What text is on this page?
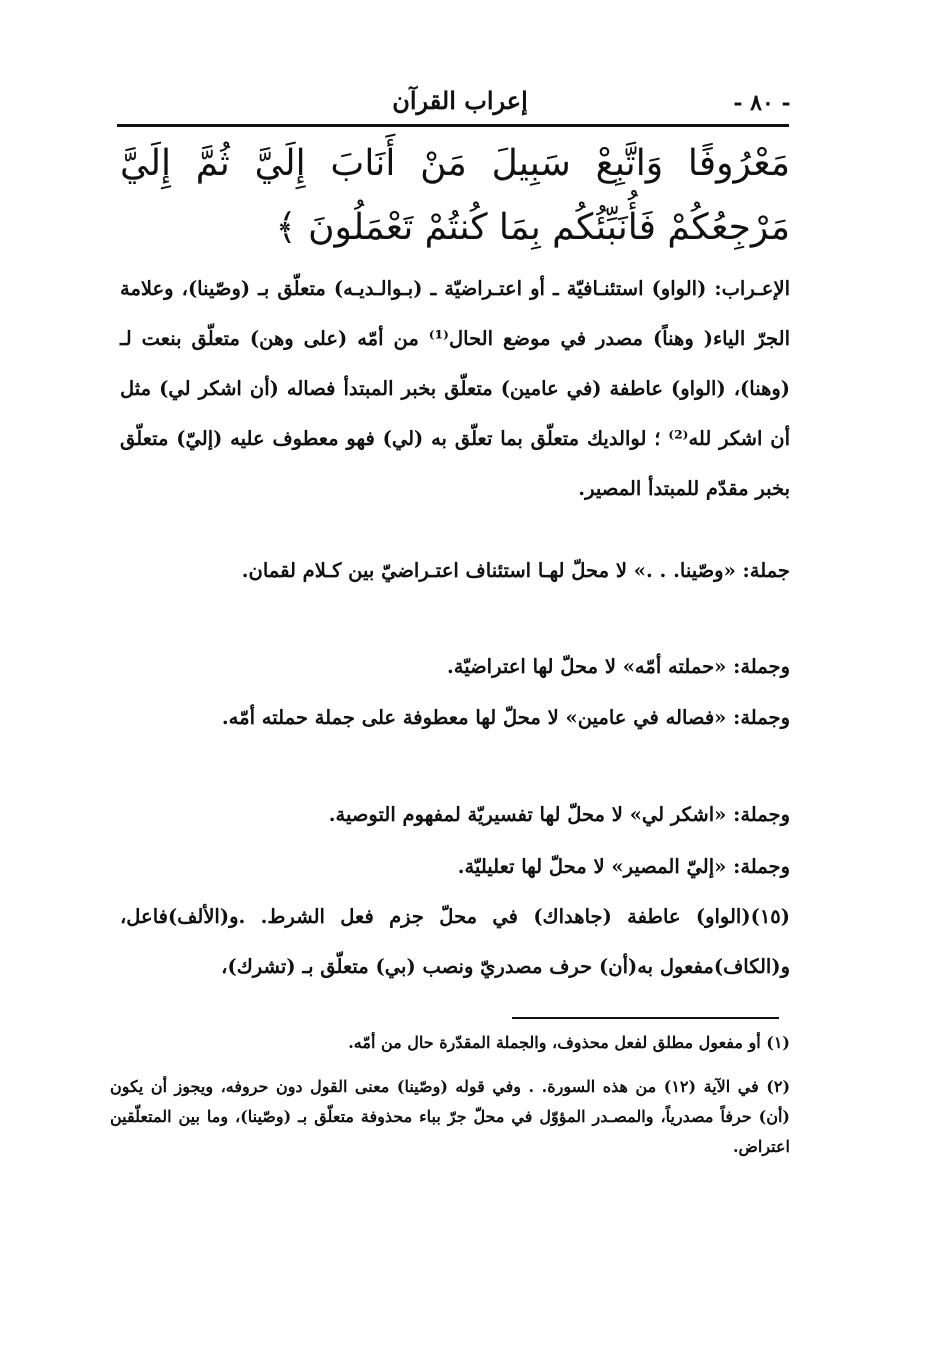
إعراب القرآن	- ٨٠ -
مَعْرُوفًا وَاتَّبِعْ سَبِيلَ مَنْ أَنَابَ إِلَيَّ ثُمَّ إِلَيَّ مَرْجِعُكُمْ فَأُنَبِّئُكُم بِمَا كُنتُمْ تَعْمَلُونَ ﴾
الإعـراب: (الواو) استئنـافيّة ـ أو اعتـراضيّة ـ (بـوالـديـه) متعلّق بـ (وصّينا)، وعلامة الجرّ الياء( وهناً) مصدر في موضع الحال⁽¹⁾ من أمّه (على وهن) متعلّق بنعت لـ (وهنا)، (الواو) عاطفة (في عامين) متعلّق بخبر المبتدأ فصاله (أن اشكر لي) مثل أن اشكر لله⁽²⁾ ؛ لوالديك متعلّق بما تعلّق به (لي) فهو معطوف عليه (إليّ) متعلّق بخبر مقدّم للمبتدأ المصير.
جملة: «وصّينا. . .» لا محلّ لهـا استئناف اعتـراضيّ بين كـلام لقمان.
وجملة: «حملته أمّه» لا محلّ لها اعتراضيّة.
وجملة: «فصاله في عامين» لا محلّ لها معطوفة على جملة حملته أمّه.
وجملة: «اشكر لي» لا محلّ لها تفسيريّة لمفهوم التوصية.
وجملة: «إليّ المصير» لا محلّ لها تعليليّة.
(١٥)(الواو) عاطفة (جاهداك) في محلّ جزم فعل الشرط. .و(الألف)فاعل، و(الكاف)مفعول به(أن) حرف مصدريّ ونصب (بي) متعلّق بـ (تشرك)،
(١) أو مفعول مطلق لفعل محذوف، والجملة المقدّرة حال من أمّه.
(٢) في الآية (١٢) من هذه السورة. . وفي قوله (وصّينا) معنى القول دون حروفه، ويجوز أن يكون (أن) حرفاً مصدرياً، والمصـدر المؤوّل في محلّ جرّ بباء محذوفة متعلّق بـ (وصّينا)، وما بين المتعلّقين اعتراض.
